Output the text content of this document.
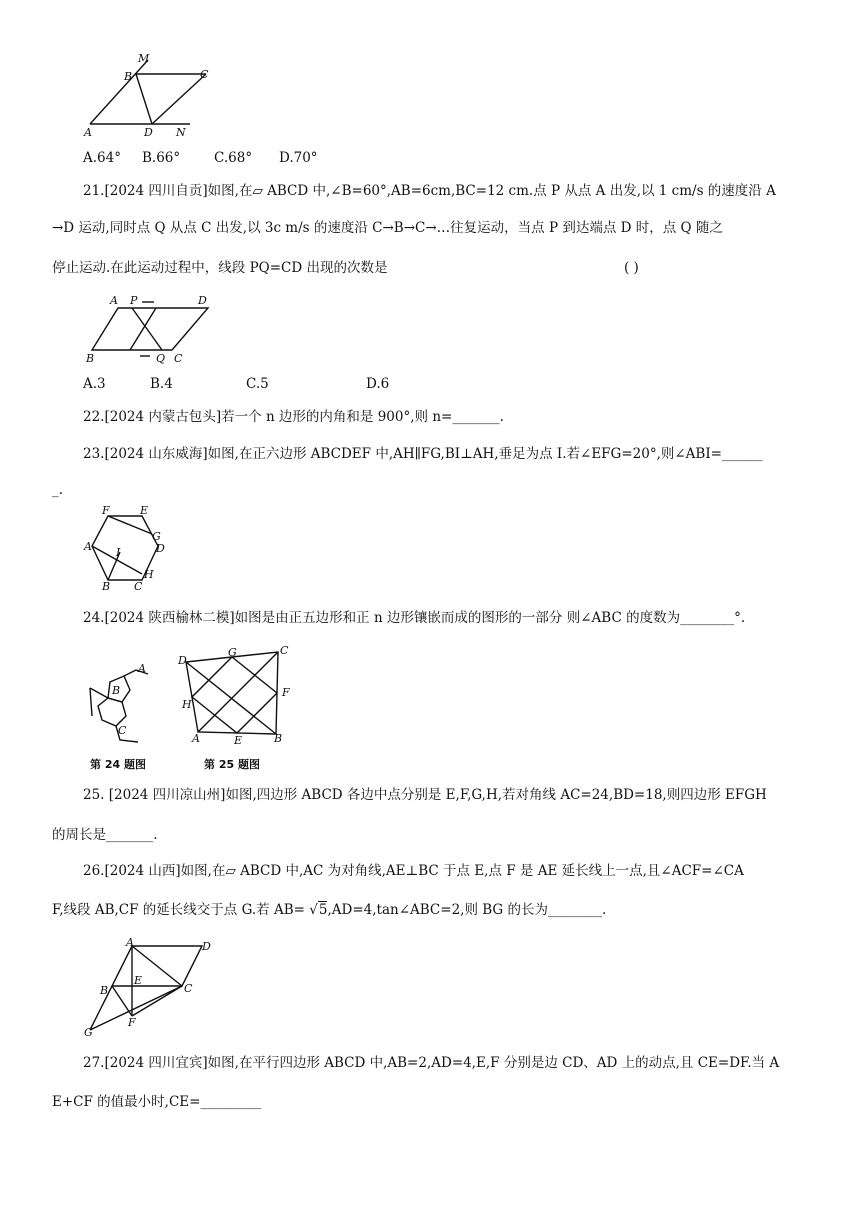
M
B	C
A	D N
A.64° B.66°	C.68° D.70°
21.[2024 四川自贡]如图,在▱ ABCD 中,∠B=60°,AB=6cm,BC=12 cm.点 P 从点 A 出发,以 1 cm/s 的速度沿 A
→D 运动,同时点 Q 从点 C 出发,以 3c m/s 的速度沿 C→B→C→…往复运动，当点 P 到达端点 D 时，点 Q 随之
停止运动.在此运动过程中，线段 PQ=CD 出现的次数是	( )
A P	D
B	Q C
A.3	B.4	C.5	D.6
22.[2024 内蒙古包头]若一个 n 边形的内角和是 900°,则 n=_______.
23.[2024 山东威海]如图,在正六边形 ABCDEF 中,AH∥FG,BI⊥AH,垂足为点 I.若∠EFG=20°,则∠ABI=______
_.
F	E
G
A I	D
H
B C
24.[2024 陕西榆林二模]如图是由正五边形和正 n 边形镶嵌而成的图形的一部分 则∠ABC 的度数为________°.
A
B
C
第 24 题图
D
G	C
F
H
A	E	B
第 25 题图
25. [2024 四川凉山州]如图,四边形 ABCD 各边中点分别是 E,F,G,H,若对角线 AC=24,BD=18,则四边形 EFGH
的周长是_______.
26.[2024 山西]如图,在▱ ABCD 中,AC 为对角线,AE⊥BC 于点 E,点 F 是 AE 延长线上一点,且∠ACF=∠CA
F,线段 AB,CF 的延长线交于点 G.若 AB= √5,AD=4,tan∠ABC=2,则 BG 的长为________.
A	D
B
E
C
F
G
27.[2024 四川宜宾]如图,在平行四边形 ABCD 中,AB=2,AD=4,E,F 分别是边 CD、AD 上的动点,且 CE=DF.当 A
E+CF 的值最小时,CE=_________
